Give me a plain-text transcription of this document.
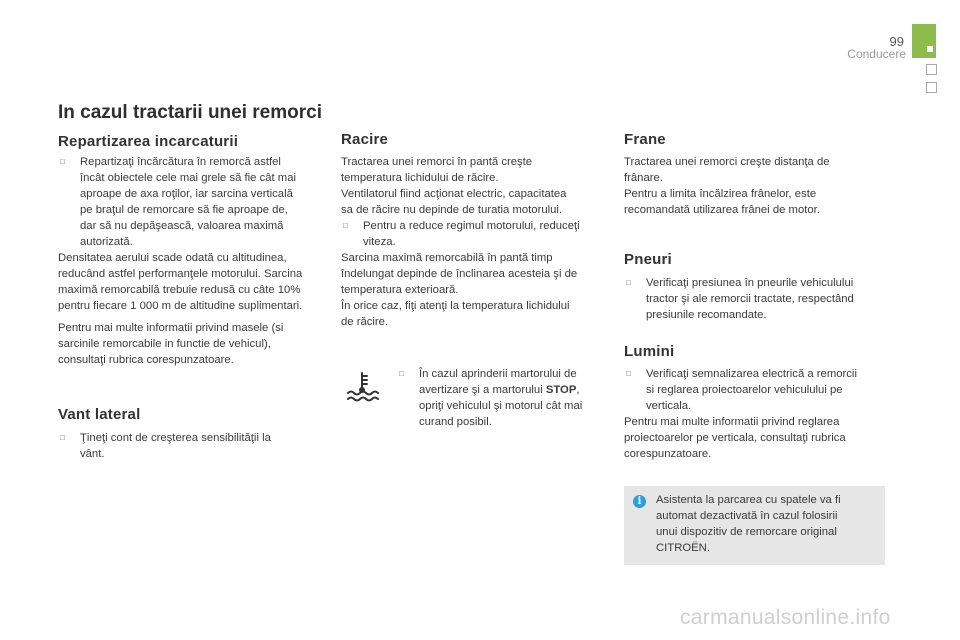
99
Conducere
In cazul tractarii unei remorci
Repartizarea incarcaturii
□ Repartizaţi încărcătura în remorcă astfel

încât obiectele cele mai grele să fie cât mai

aproape de axa roţilor, iar sarcina verticală

pe braţul de remorcare să fie aproape de,

dar să nu depăşească, valoarea maximă

autorizată.

Densitatea aerului scade odată cu altitudinea,

reducând astfel performanţele motorului. Sarcina

maximă remorcabilă trebuie redusă cu câte 10%

pentru fiecare 1 000 m de altitudine suplimentari.

Pentru mai multe informatii privind masele (si

sarcinile remorcabile in functie de vehicul),

consultaţi rubrica corespunzatoare.

Vant lateral
□ Ţineţi cont de creşterea sensibilităţii la

vânt.

Racire

Tractarea unei remorci în pantă creşte

temperatura lichidului de răcire.

Ventilatorul fiind acţionat electric, capacitatea

sa de răcire nu depinde de turatia motorului.

□ Pentru a reduce regimul motorului, reduceţi

viteza.

Sarcina maximă remorcabilă în pantă timp

îndelungat depinde de înclinarea acesteia şi de

temperatura exterioară.

În orice caz, fiţi atenţi la temperatura lichidului

de răcire.

□ În cazul aprinderii martorului de

avertizare şi a martorului STOP,

opriţi vehiculul şi motorul cât mai

curand posibil.

Frane

Tractarea unei remorci creşte distanţa de

frânare.

Pentru a limita încălzirea frânelor, este

recomandată utilizarea frânei de motor.

Pneuri
□ Verificaţi presiunea în pneurile vehiculului

tractor şi ale remorcii tractate, respectând

presiunile recomandate.

Lumini
□ Verificaţi semnalizarea electrică a remorcii

si reglarea proiectoarelor vehiculului pe

verticala.

Pentru mai multe informatii privind reglarea

proiectoarelor pe verticala, consultaţi rubrica

corespunzatoare.

i	Asistenta la parcarea cu spatele va fi

automat dezactivată în cazul folosirii

unui dispozitiv de remorcare original

CITROËN.

carmanualsonline.info
